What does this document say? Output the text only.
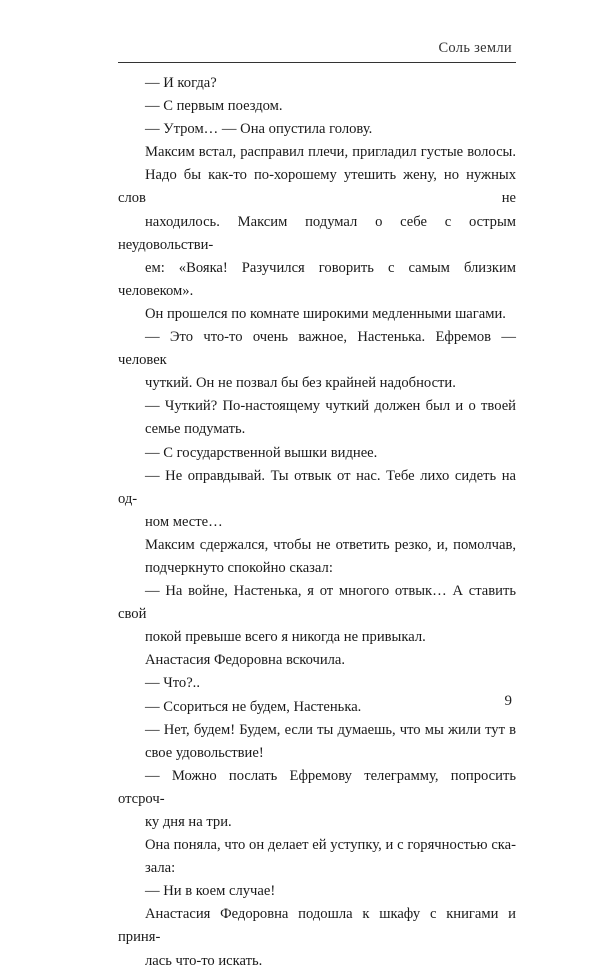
Соль земли

— И когда?

— С первым поездом.

— Утром… — Она опустила голову.

Максим встал, расправил плечи, пригладил густые волосы.
Надо бы как-то по-хорошему утешить жену, но нужных слов не
находилось. Максим подумал о себе с острым неудовольстви-
ем: «Вояка! Разучился говорить с самым близким человеком».

Он прошелся по комнате широкими медленными шагами.

— Это что-то очень важное, Настенька. Ефремов — человек
чуткий. Он не позвал бы без крайней надобности.

— Чуткий? По-настоящему чуткий должен был и о твоей
семье подумать.

— С государственной вышки виднее.

— Не оправдывай. Ты отвык от нас. Тебе лихо сидеть на од-
ном месте…

Максим сдержался, чтобы не ответить резко, и, помолчав,
подчеркнуто спокойно сказал:

— На войне, Настенька, я от многого отвык… А ставить свой
покой превыше всего я никогда не привыкал.

Анастасия Федоровна вскочила.

— Что?..

— Ссориться не будем, Настенька.

— Нет, будем! Будем, если ты думаешь, что мы жили тут в
свое удовольствие!

— Можно послать Ефремову телеграмму, попросить отсроч-
ку дня на три.

Она поняла, что он делает ей уступку, и с горячностью ска-
зала:

— Ни в коем случае!

Анастасия Федоровна подошла к шкафу с книгами и приня-
лась что-то искать.

9
